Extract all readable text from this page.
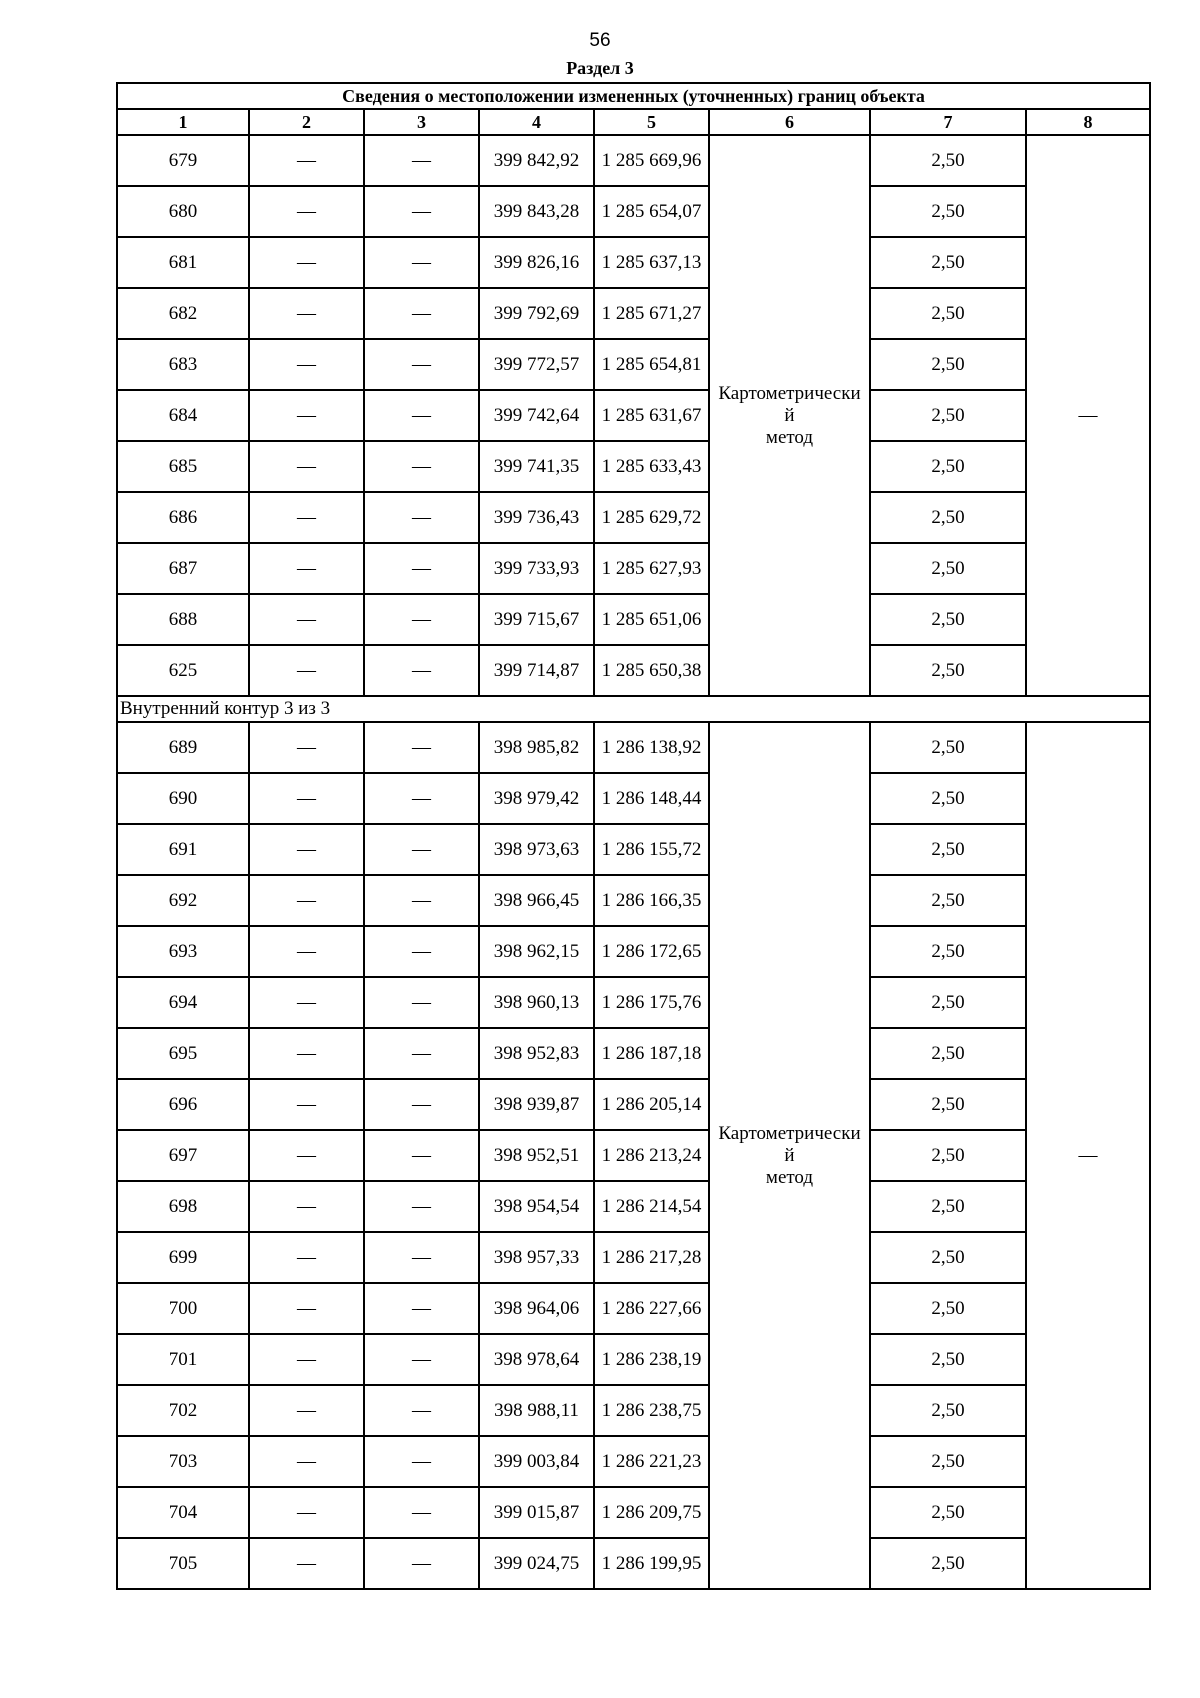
56
Раздел 3
Сведения о местоположении измененных (уточненных) границ объекта							
1	2	3	4	5	6	7	8
679	—	—	399 842,92	1 285 669,96	Картометрически
й
метод	2,50	—
680	—	—	399 843,28	1 285 654,07		2,50	
681	—	—	399 826,16	1 285 637,13		2,50	
682	—	—	399 792,69	1 285 671,27		2,50	
683	—	—	399 772,57	1 285 654,81		2,50	
684	—	—	399 742,64	1 285 631,67		2,50	
685	—	—	399 741,35	1 285 633,43		2,50	
686	—	—	399 736,43	1 285 629,72		2,50	
687	—	—	399 733,93	1 285 627,93		2,50	
688	—	—	399 715,67	1 285 651,06		2,50	
625	—	—	399 714,87	1 285 650,38		2,50	
Внутренний контур 3 из 3							
689	—	—	398 985,82	1 286 138,92	Картометрически
й
метод	2,50	—
690	—	—	398 979,42	1 286 148,44		2,50	
691	—	—	398 973,63	1 286 155,72		2,50	
692	—	—	398 966,45	1 286 166,35		2,50	
693	—	—	398 962,15	1 286 172,65		2,50	
694	—	—	398 960,13	1 286 175,76		2,50	
695	—	—	398 952,83	1 286 187,18		2,50	
696	—	—	398 939,87	1 286 205,14		2,50	
697	—	—	398 952,51	1 286 213,24		2,50	
698	—	—	398 954,54	1 286 214,54		2,50	
699	—	—	398 957,33	1 286 217,28		2,50	
700	—	—	398 964,06	1 286 227,66		2,50	
701	—	—	398 978,64	1 286 238,19		2,50	
702	—	—	398 988,11	1 286 238,75		2,50	
703	—	—	399 003,84	1 286 221,23		2,50	
704	—	—	399 015,87	1 286 209,75		2,50	
705	—	—	399 024,75	1 286 199,95		2,50	
